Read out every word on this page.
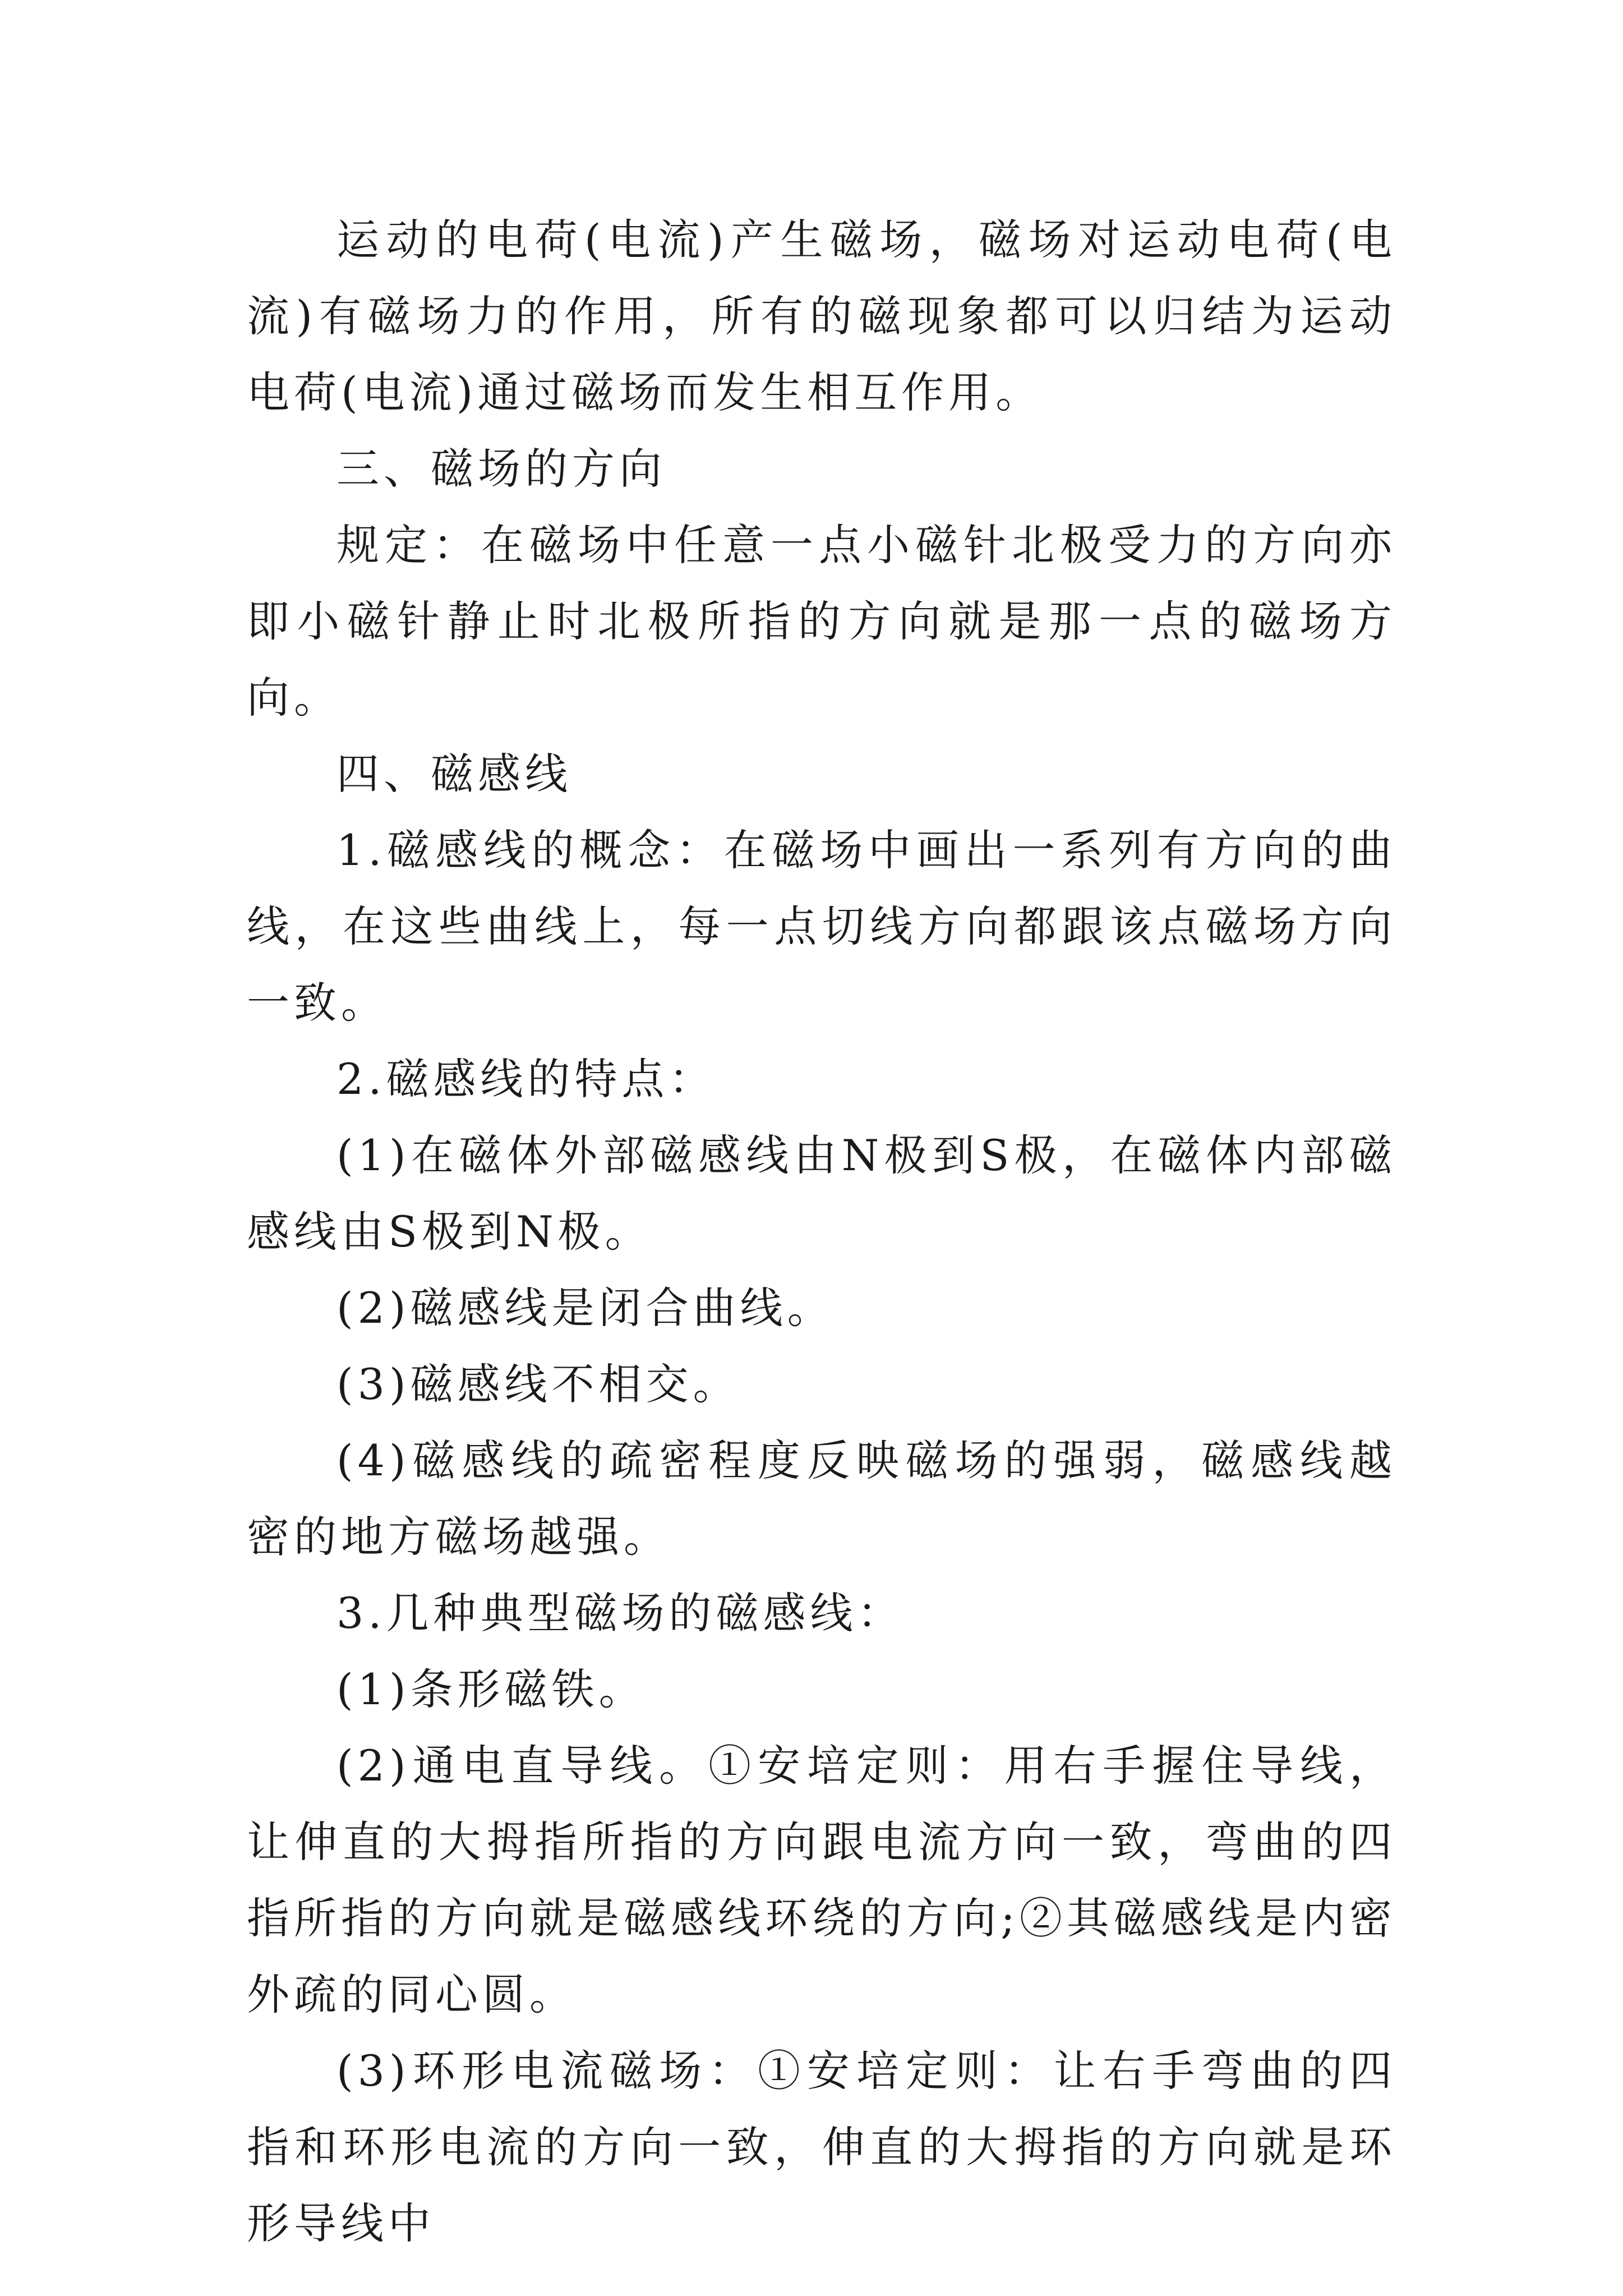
运动的电荷(电流)产生磁场，磁场对运动电荷(电流)有磁场力的作用，所有的磁现象都可以归结为运动电荷(电流)通过磁场而发生相互作用。

三、磁场的方向

规定：在磁场中任意一点小磁针北极受力的方向亦即小磁针静止时北极所指的方向就是那一点的磁场方向。

四、磁感线

1.磁感线的概念：在磁场中画出一系列有方向的曲线，在这些曲线上，每一点切线方向都跟该点磁场方向一致。

2.磁感线的特点：

(1)在磁体外部磁感线由N极到S极，在磁体内部磁感线由S极到N极。

(2)磁感线是闭合曲线。

(3)磁感线不相交。

(4)磁感线的疏密程度反映磁场的强弱，磁感线越密的地方磁场越强。

3.几种典型磁场的磁感线：

(1)条形磁铁。

(2)通电直导线。①安培定则：用右手握住导线，让伸直的大拇指所指的方向跟电流方向一致，弯曲的四指所指的方向就是磁感线环绕的方向;②其磁感线是内密外疏的同心圆。

(3)环形电流磁场：①安培定则：让右手弯曲的四指和环形电流的方向一致，伸直的大拇指的方向就是环形导线中
